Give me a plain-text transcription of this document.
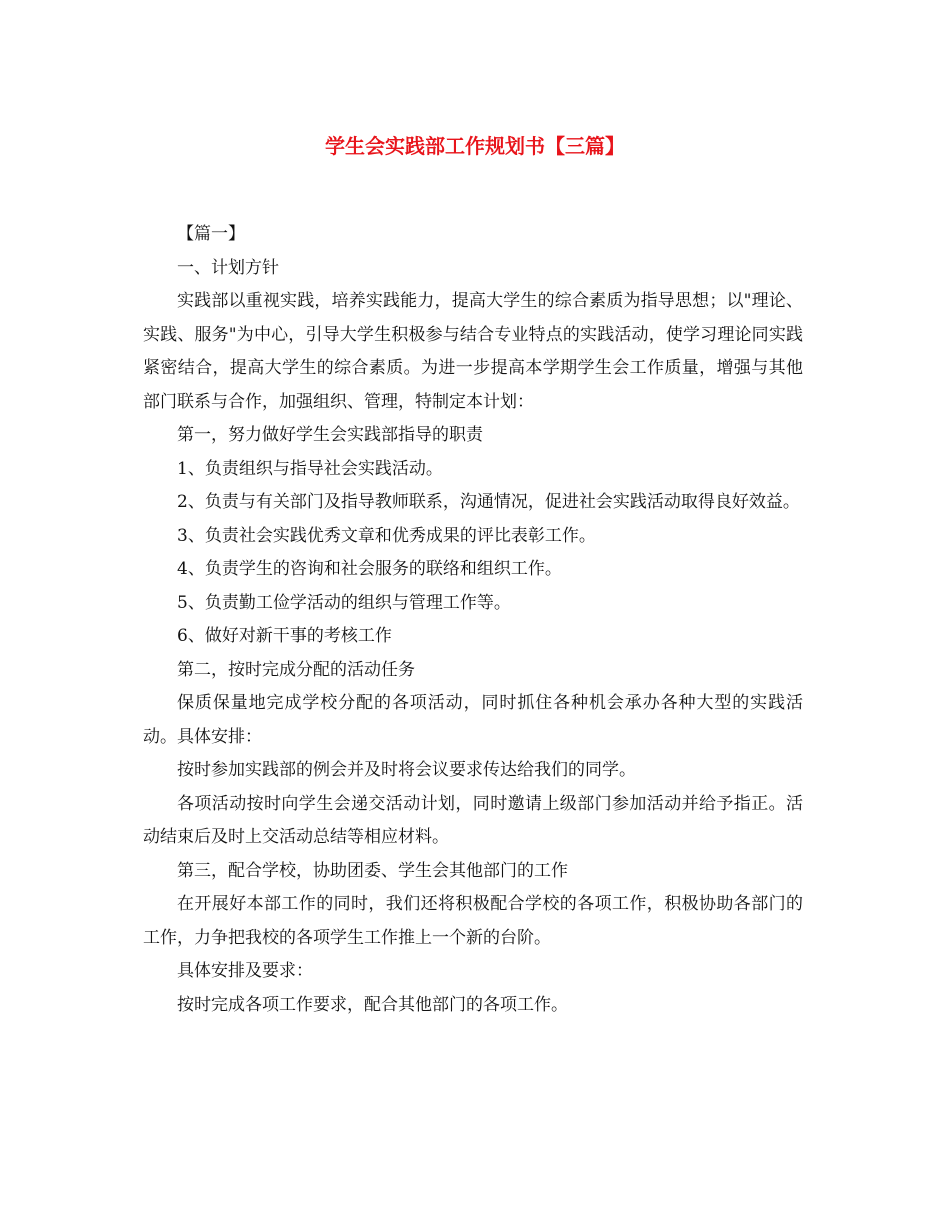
学生会实践部工作规划书【三篇】

【篇一】

一、计划方针

实践部以重视实践，培养实践能力，提高大学生的综合素质为指导思想；以"理论、实践、服务"为中心，引导大学生积极参与结合专业特点的实践活动，使学习理论同实践紧密结合，提高大学生的综合素质。为进一步提高本学期学生会工作质量，增强与其他部门联系与合作，加强组织、管理，特制定本计划：

第一，努力做好学生会实践部指导的职责

1、负责组织与指导社会实践活动。

2、负责与有关部门及指导教师联系，沟通情况，促进社会实践活动取得良好效益。

3、负责社会实践优秀文章和优秀成果的评比表彰工作。

4、负责学生的咨询和社会服务的联络和组织工作。

5、负责勤工俭学活动的组织与管理工作等。

6、做好对新干事的考核工作

第二，按时完成分配的活动任务

保质保量地完成学校分配的各项活动，同时抓住各种机会承办各种大型的实践活动。具体安排：

按时参加实践部的例会并及时将会议要求传达给我们的同学。

各项活动按时向学生会递交活动计划，同时邀请上级部门参加活动并给予指正。活动结束后及时上交活动总结等相应材料。

第三，配合学校，协助团委、学生会其他部门的工作

在开展好本部工作的同时，我们还将积极配合学校的各项工作，积极协助各部门的工作，力争把我校的各项学生工作推上一个新的台阶。

具体安排及要求：

按时完成各项工作要求，配合其他部门的各项工作。
